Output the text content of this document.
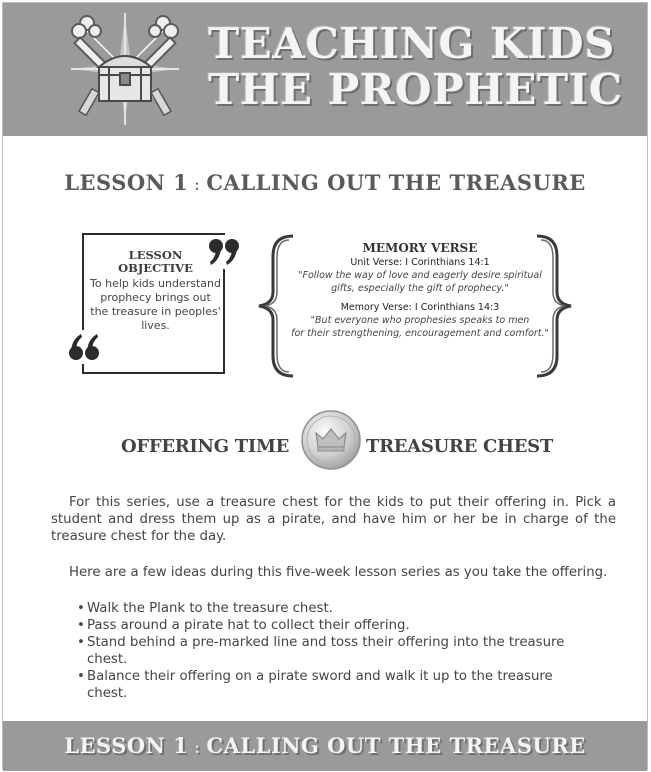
TEACHING KIDS
THE PROPHETIC
LESSON 1 : CALLING OUT THE TREASURE
LESSON
OBJECTIVE
To help kids understand prophecy brings out the treasure in peoples' lives.
MEMORY VERSE
Unit Verse: I Corinthians 14:1
"Follow the way of love and eagerly desire spiritual
gifts, especially the gift of prophecy."
Memory Verse: I Corinthians 14:3
"But everyone who prophesies speaks to men
for their strengthening, encouragement and comfort."
OFFERING TIME	TREASURE CHEST

For this series, use a treasure chest for the kids to put their offering in. Pick a student and dress them up as a pirate, and have him or her be in charge of the treasure chest for the day.

Here are a few ideas during this five-week lesson series as you take the offering.

• Walk the Plank to the treasure chest.
• Pass around a pirate hat to collect their offering.
• Stand behind a pre-marked line and toss their offering into the treasure chest.
• Balance their offering on a pirate sword and walk it up to the treasure chest.
LESSON 1 : CALLING OUT THE TREASURE
